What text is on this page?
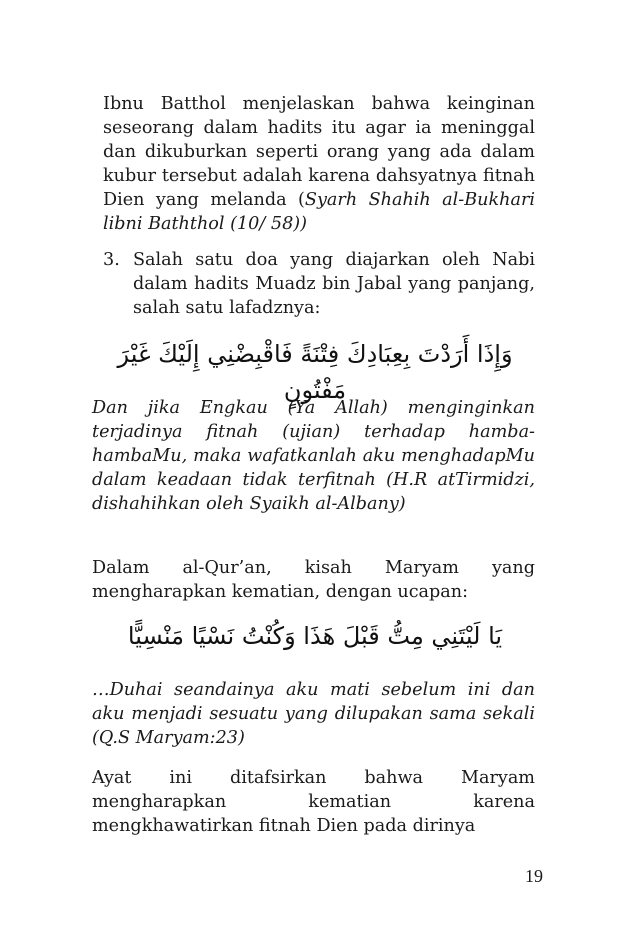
Ibnu Batthol menjelaskan bahwa keinginan seseorang dalam hadits itu agar ia meninggal dan dikuburkan seperti orang yang ada dalam kubur tersebut adalah karena dahsyatnya fitnah Dien yang melanda (Syarh Shahih al-Bukhari libni Baththol (10/ 58))

3. Salah satu doa yang diajarkan oleh Nabi dalam hadits Muadz bin Jabal yang panjang, salah satu lafadznya:

وَإِذَا أَرَدْتَ بِعِبَادِكَ فِتْنَةً فَاقْبِضْنِي إِلَيْكَ غَيْرَ مَفْتُونٍ

Dan jika Engkau (Ya Allah) menginginkan terjadinya fitnah (ujian) terhadap hamba-hambaMu, maka wafatkanlah aku menghadapMu dalam keadaan tidak terfitnah (H.R atTirmidzi, dishahihkan oleh Syaikh al-Albany)

Dalam al-Qur’an, kisah Maryam yang mengharapkan kematian, dengan ucapan:

يَا لَيْتَنِي مِتُّ قَبْلَ هَذَا وَكُنْتُ نَسْيًا مَنْسِيًّا

…Duhai seandainya aku mati sebelum ini dan aku menjadi sesuatu yang dilupakan sama sekali (Q.S Maryam:23)

Ayat ini ditafsirkan bahwa Maryam mengharapkan kematian karena mengkhawatirkan fitnah Dien pada dirinya

19
